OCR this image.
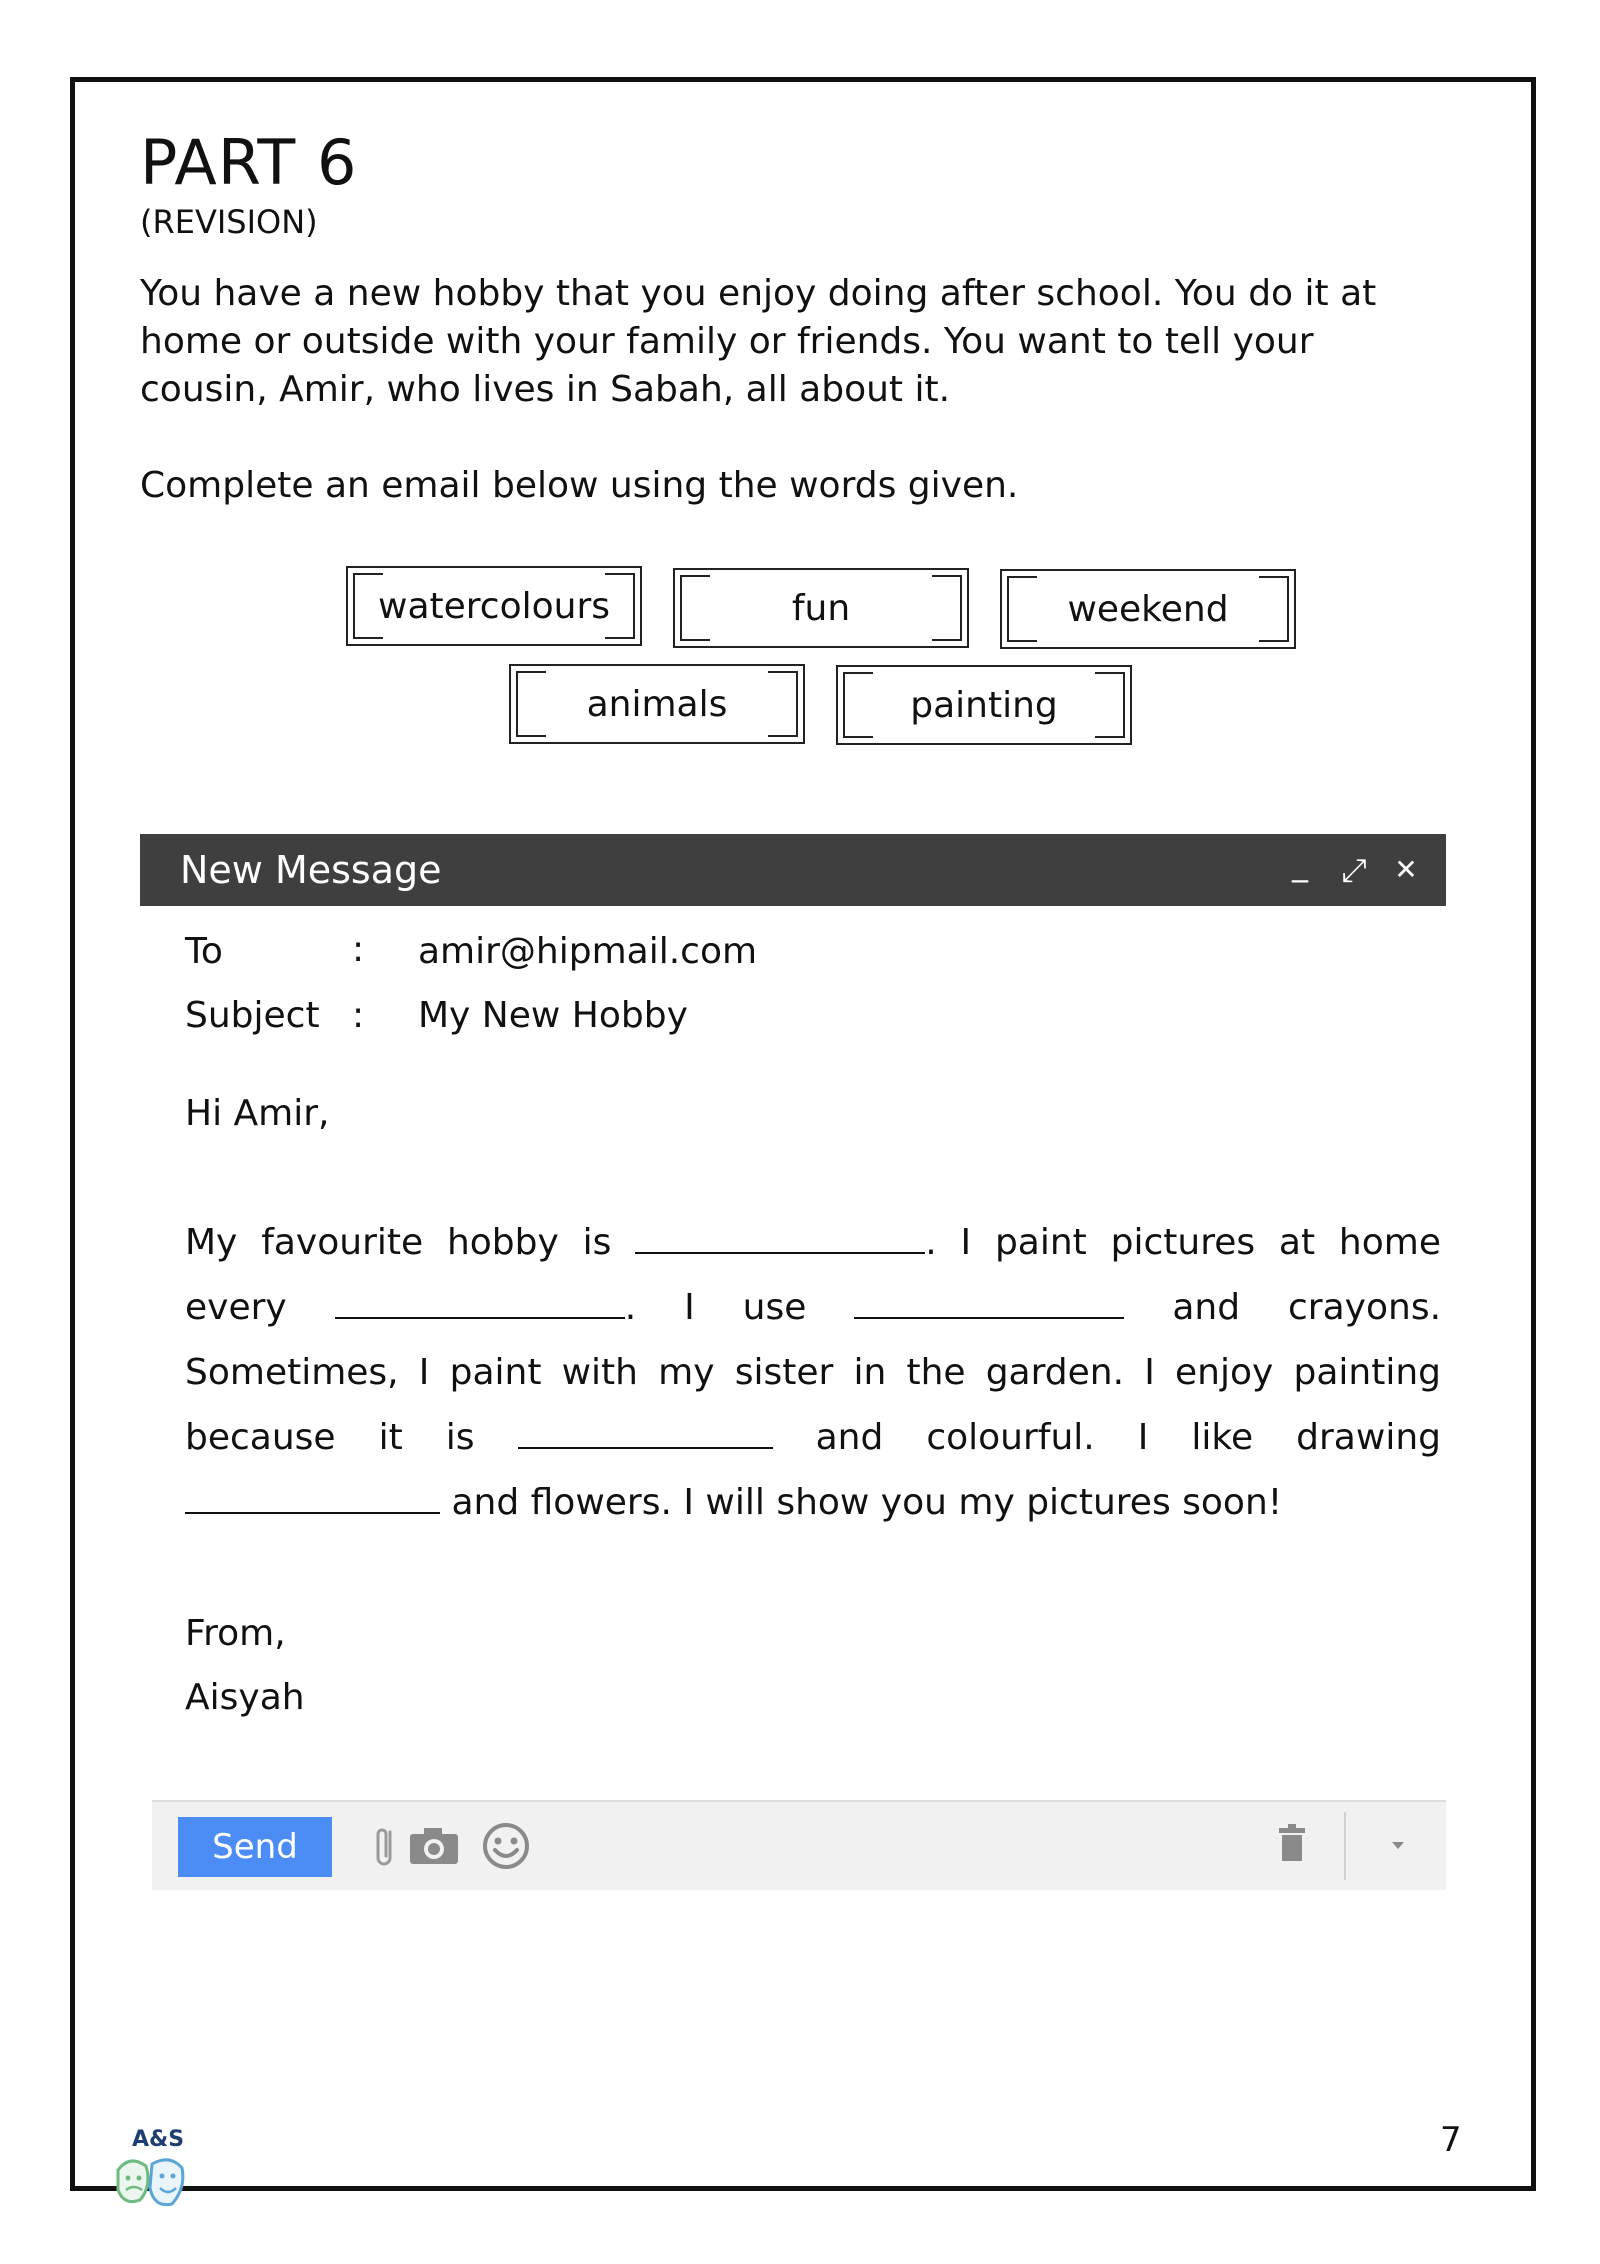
PART 6
(REVISION)
You have a new hobby that you enjoy doing after school. You do it at home or outside with your family or friends. You want to tell your cousin, Amir, who lives in Sabah, all about it.
Complete an email below using the words given.
watercolours	fun	weekend
animals	painting
New Message	_	⤢ ✕
To	: amir@hipmail.com
Subject : My New Hobby
Hi Amir,
My favourite hobby is	. I paint pictures at home every	. I use	and crayons. Sometimes, I paint with my sister in the garden. I enjoy painting because it is	and colourful. I like drawing  and flowers. I will show you my pictures soon!
From,
Aisyah
Send
A&S	7
